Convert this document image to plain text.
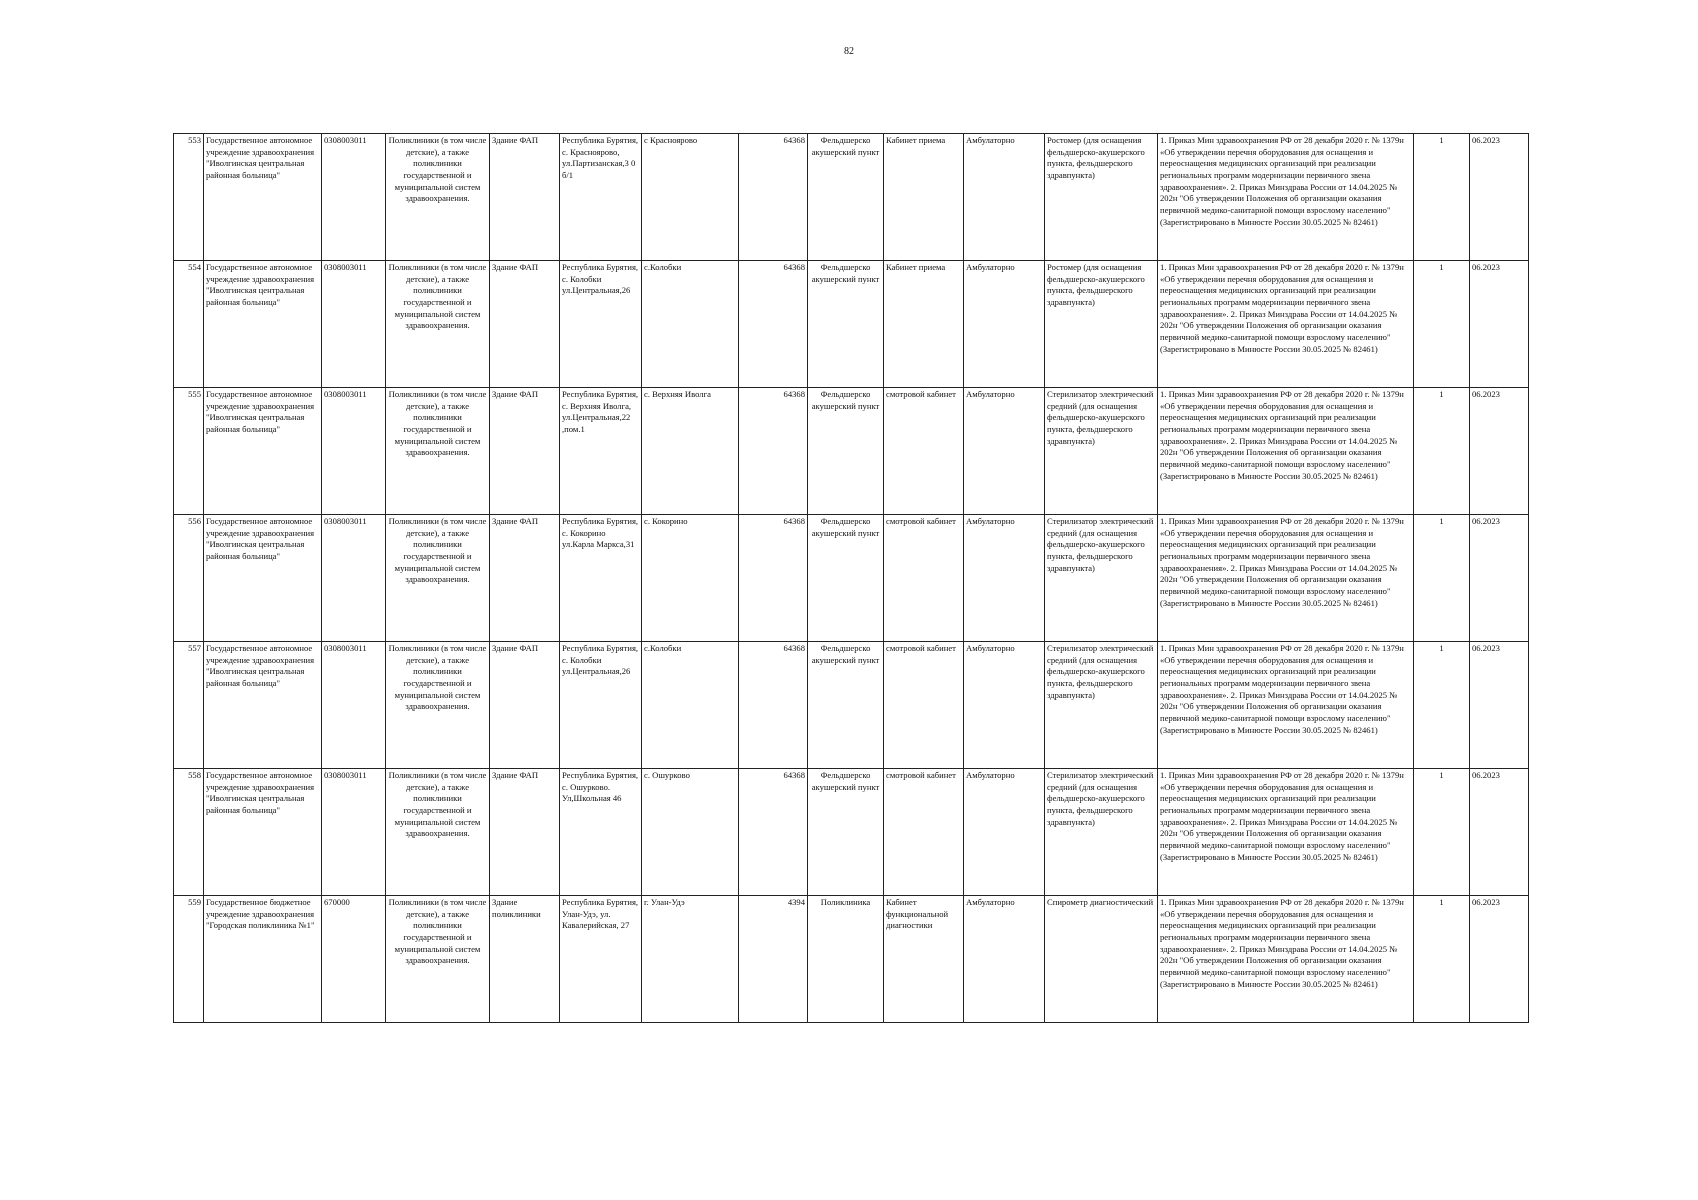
82
553	Государственное автономное учреждение здравоохранения "Иволгинская центральная районная больница"	0308003011	Поликлиники (в том числе детские), а также поликлиники государственной и муниципальной систем здравоохранения.	Здание ФАП	Республика Бурятия, с. Красноярово, ул.Партизанская,3 0 б/1	с Красноярово	64368	Фельдшерско акушерский пункт	Кабинет приема	Амбулаторно	Ростомер (для оснащения фельдшерско-акушерского пункта, фельдшерского здравпункта)	1. Приказ Мин здравоохранения РФ от 28 декабря 2020 г. № 1379н «Об утверждении перечня оборудования для оснащения и переоснащения медицинских организаций при реализации региональных программ модернизации первичного звена здравоохранения». 2. Приказ Минздрава России от 14.04.2025 № 202н "Об утверждении Положения об организации оказания первичной медико-санитарной помощи взрослому населению" (Зарегистрировано в Минюсте России 30.05.2025 № 82461)	1	06.2023
554	Государственное автономное учреждение здравоохранения "Иволгинская центральная районная больница"	0308003011	Поликлиники (в том числе детские), а также поликлиники государственной и муниципальной систем здравоохранения.	Здание ФАП	Республика Бурятия, с. Колобки ул.Центральная,26	с.Колобки	64368	Фельдшерско акушерский пункт	Кабинет приема	Амбулаторно	Ростомер (для оснащения фельдшерско-акушерского пункта, фельдшерского здравпункта)	1. Приказ Мин здравоохранения РФ от 28 декабря 2020 г. № 1379н «Об утверждении перечня оборудования для оснащения и переоснащения медицинских организаций при реализации региональных программ модернизации первичного звена здравоохранения». 2. Приказ Минздрава России от 14.04.2025 № 202н "Об утверждении Положения об организации оказания первичной медико-санитарной помощи взрослому населению" (Зарегистрировано в Минюсте России 30.05.2025 № 82461)	1	06.2023
555	Государственное автономное учреждение здравоохранения "Иволгинская центральная районная больница"	0308003011	Поликлиники (в том числе детские), а также поликлиники государственной и муниципальной систем здравоохранения.	Здание ФАП	Республика Бурятия, с. Верхняя Иволга, ул.Центральная,22 ,пом.1	с. Верхняя Иволга	64368	Фельдшерско акушерский пункт	смотровой кабинет	Амбулаторно	Стерилизатор электрический средний (для оснащения фельдшерско-акушерского пункта, фельдшерского здравпункта)	1. Приказ Мин здравоохранения РФ от 28 декабря 2020 г. № 1379н «Об утверждении перечня оборудования для оснащения и переоснащения медицинских организаций при реализации региональных программ модернизации первичного звена здравоохранения». 2. Приказ Минздрава России от 14.04.2025 № 202н "Об утверждении Положения об организации оказания первичной медико-санитарной помощи взрослому населению" (Зарегистрировано в Минюсте России 30.05.2025 № 82461)	1	06.2023
556	Государственное автономное учреждение здравоохранения "Иволгинская центральная районная больница"	0308003011	Поликлиники (в том числе детские), а также поликлиники государственной и муниципальной систем здравоохранения.	Здание ФАП	Республика Бурятия, с. Кокорино ул.Карла Маркса,31	с. Кокорино	64368	Фельдшерско акушерский пункт	смотровой кабинет	Амбулаторно	Стерилизатор электрический средний (для оснащения фельдшерско-акушерского пункта, фельдшерского здравпункта)	1. Приказ Мин здравоохранения РФ от 28 декабря 2020 г. № 1379н «Об утверждении перечня оборудования для оснащения и переоснащения медицинских организаций при реализации региональных программ модернизации первичного звена здравоохранения». 2. Приказ Минздрава России от 14.04.2025 № 202н "Об утверждении Положения об организации оказания первичной медико-санитарной помощи взрослому населению" (Зарегистрировано в Минюсте России 30.05.2025 № 82461)	1	06.2023
557	Государственное автономное учреждение здравоохранения "Иволгинская центральная районная больница"	0308003011	Поликлиники (в том числе детские), а также поликлиники государственной и муниципальной систем здравоохранения.	Здание ФАП	Республика Бурятия, с. Колобки ул.Центральная,26	с.Колобки	64368	Фельдшерско акушерский пункт	смотровой кабинет	Амбулаторно	Стерилизатор электрический средний (для оснащения фельдшерско-акушерского пункта, фельдшерского здравпункта)	1. Приказ Мин здравоохранения РФ от 28 декабря 2020 г. № 1379н «Об утверждении перечня оборудования для оснащения и переоснащения медицинских организаций при реализации региональных программ модернизации первичного звена здравоохранения». 2. Приказ Минздрава России от 14.04.2025 № 202н "Об утверждении Положения об организации оказания первичной медико-санитарной помощи взрослому населению" (Зарегистрировано в Минюсте России 30.05.2025 № 82461)	1	06.2023
558	Государственное автономное учреждение здравоохранения "Иволгинская центральная районная больница"	0308003011	Поликлиники (в том числе детские), а также поликлиники государственной и муниципальной систем здравоохранения.	Здание ФАП	Республика Бурятия, с. Ошурково. Ул,Школьная 46	с. Ошурково	64368	Фельдшерско акушерский пункт	смотровой кабинет	Амбулаторно	Стерилизатор электрический средний (для оснащения фельдшерско-акушерского пункта, фельдшерского здравпункта)	1. Приказ Мин здравоохранения РФ от 28 декабря 2020 г. № 1379н «Об утверждении перечня оборудования для оснащения и переоснащения медицинских организаций при реализации региональных программ модернизации первичного звена здравоохранения». 2. Приказ Минздрава России от 14.04.2025 № 202н "Об утверждении Положения об организации оказания первичной медико-санитарной помощи взрослому населению" (Зарегистрировано в Минюсте России 30.05.2025 № 82461)	1	06.2023
559	Государственное бюджетное учреждение здравоохранения "Городская поликлиника №1"	670000	Поликлиники (в том числе детские), а также поликлиники государственной и муниципальной систем здравоохранения.	Здание поликлиники	Республика Бурятия, Улан-Удэ, ул. Кавалерийская, 27	г. Улан-Удэ	4394	Поликлиника	Кабинет функциональной диагностики	Амбулаторно	Спирометр диагностический	1. Приказ Мин здравоохранения РФ от 28 декабря 2020 г. № 1379н «Об утверждении перечня оборудования для оснащения и переоснащения медицинских организаций при реализации региональных программ модернизации первичного звена здравоохранения». 2. Приказ Минздрава России от 14.04.2025 № 202н "Об утверждении Положения об организации оказания первичной медико-санитарной помощи взрослому населению" (Зарегистрировано в Минюсте России 30.05.2025 № 82461)	1	06.2023
